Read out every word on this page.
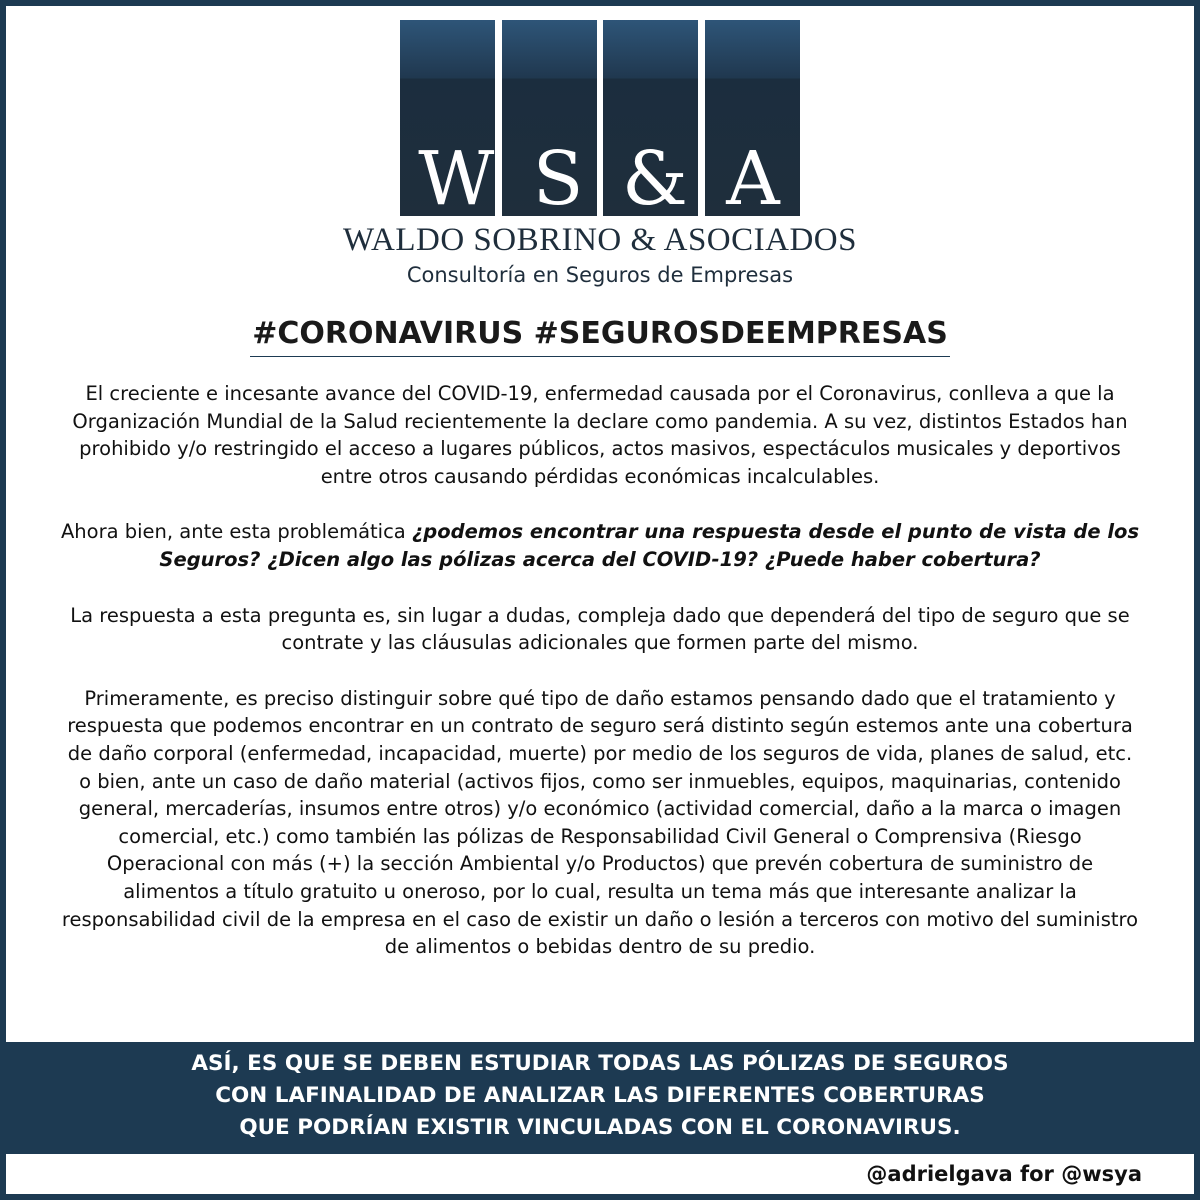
W S & A
WALDO SOBRINO & ASOCIADOS
Consultoría en Seguros de Empresas
#CORONAVIRUS #SEGUROSDEEMPRESAS

El creciente e incesante avance del COVID-19, enfermedad causada por el Coronavirus, conlleva a que la Organización Mundial de la Salud recientemente la declare como pandemia. A su vez, distintos Estados han prohibido y/o restringido el acceso a lugares públicos, actos masivos, espectáculos musicales y deportivos entre otros causando pérdidas económicas incalculables.

Ahora bien, ante esta problemática ¿podemos encontrar una respuesta desde el punto de vista de los Seguros? ¿Dicen algo las pólizas acerca del COVID-19? ¿Puede haber cobertura?

La respuesta a esta pregunta es, sin lugar a dudas, compleja dado que dependerá del tipo de seguro que se contrate y las cláusulas adicionales que formen parte del mismo.

Primeramente, es preciso distinguir sobre qué tipo de daño estamos pensando dado que el tratamiento y respuesta que podemos encontrar en un contrato de seguro será distinto según estemos ante una cobertura de daño corporal (enfermedad, incapacidad, muerte) por medio de los seguros de vida, planes de salud, etc. o bien, ante un caso de daño material (activos fijos, como ser inmuebles, equipos, maquinarias, contenido general, mercaderías, insumos entre otros) y/o económico (actividad comercial, daño a la marca o imagen comercial, etc.) como también las pólizas de Responsabilidad Civil General o Comprensiva (Riesgo Operacional con más (+) la sección Ambiental y/o Productos) que prevén cobertura de suministro de alimentos a título gratuito u oneroso, por lo cual, resulta un tema más que interesante analizar la responsabilidad civil de la empresa en el caso de existir un daño o lesión a terceros con motivo del suministro de alimentos o bebidas dentro de su predio.

ASÍ, ES QUE SE DEBEN ESTUDIAR TODAS LAS PÓLIZAS DE SEGUROS
CON LAFINALIDAD DE ANALIZAR LAS DIFERENTES COBERTURAS
QUE PODRÍAN EXISTIR VINCULADAS CON EL CORONAVIRUS.
@adrielgava for @wsya
